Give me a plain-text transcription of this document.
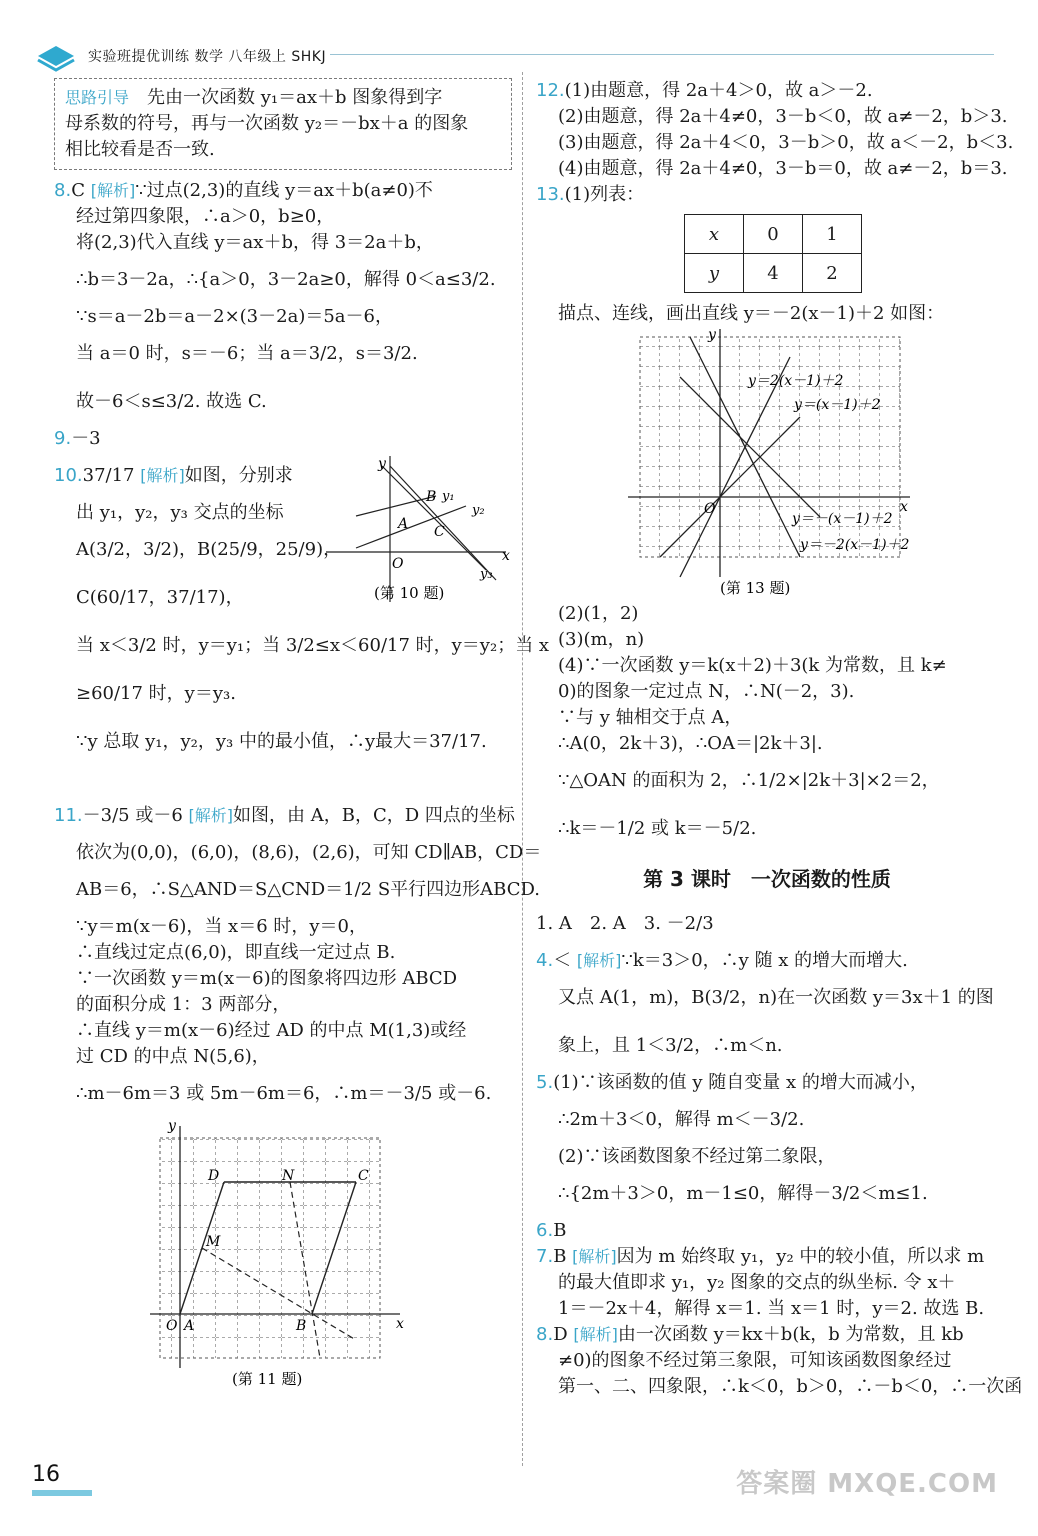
实验班提优训练 数学 八年级上 SHKJ
思路引导　 先由一次函数 y₁＝ax＋b 图象得到字
母系数的符号，再与一次函数 y₂＝－bx＋a 的图象
相比较看是否一致.
8.C [解析]∵过点(2,3)的直线 y＝ax＋b(a≠0)不
经过第四象限，∴a＞0，b≥0，
将(2,3)代入直线 y＝ax＋b，得 3＝2a＋b，
∴b＝3－2a，∴{a＞0，3－2a≥0，解得 0＜a≤3/2.
∵s＝a－2b＝a－2×(3－2a)＝5a－6，
当 a＝0 时，s＝－6；当 a＝3/2，s＝3/2.
故－6＜s≤3/2. 故选 C.
9.－3
10.37/17 [解析]如图，分别求
出 y₁，y₂，y₃ 交点的坐标
A(3/2，3/2)，B(25/9，25/9)，
C(60/17，37/17)，
当 x＜3/2 时，y＝y₁；当 3/2≤x＜60/17 时，y＝y₂；当 x
≥60/17 时，y＝y₃.
∵y 总取 y₁，y₂，y₃ 中的最小值，∴y最大＝37/17.
y
x
O
A
B
C
y₁
y₂
y₃
(第 10 题)
11.－3/5 或－6 [解析]如图，由 A，B，C，D 四点的坐标
依次为(0,0)，(6,0)，(8,6)，(2,6)，可知 CD∥AB，CD＝
AB＝6，∴S△AND＝S△CND＝1/2 S平行四边形ABCD.
∵y＝m(x－6)，当 x＝6 时，y＝0，
∴直线过定点(6,0)，即直线一定过点 B.
∵一次函数 y＝m(x－6)的图象将四边形 ABCD
的面积分成 1：3 两部分，
∴直线 y＝m(x－6)经过 AD 的中点 M(1,3)或经
过 CD 的中点 N(5,6)，
∴m－6m＝3 或 5m－6m＝6，∴m＝－3/5 或－6.
y
x
O A	B
C
D
M
N
(第 11 题)
12.(1)由题意，得 2a＋4＞0，故 a＞－2.
(2)由题意，得 2a＋4≠0，3－b＜0，故 a≠－2，b＞3.
(3)由题意，得 2a＋4＜0，3－b＞0，故 a＜－2，b＜3.
(4)由题意，得 2a＋4≠0，3－b＝0，故 a≠－2，b＝3.
13.(1)列表：
x	0	1
y	4	2
描点、连线，画出直线 y＝－2(x－1)＋2 如图：
y＝2(x－1)＋2
y＝(x－1)＋2
y＝－(x－1)＋2
y＝－2(x－1)＋2
O	x
y
(第 13 题)
(2)(1，2)
(3)(m，n)
(4)∵一次函数 y＝k(x＋2)＋3(k 为常数，且 k≠
0)的图象一定过点 N，∴N(－2，3).
∵与 y 轴相交于点 A，
∴A(0，2k＋3)，∴OA＝|2k＋3|.
∵△OAN 的面积为 2，∴1/2×|2k＋3|×2＝2，
∴k＝－1/2 或 k＝－5/2.
第 3 课时　一次函数的性质
1. A　2. A　3. －2/3
4.＜ [解析]∵k＝3＞0，∴y 随 x 的增大而增大.
又点 A(1，m)，B(3/2，n)在一次函数 y＝3x＋1 的图
象上，且 1＜3/2，∴m＜n.
5.(1)∵该函数的值 y 随自变量 x 的增大而减小，
∴2m＋3＜0，解得 m＜－3/2.
(2)∵该函数图象不经过第二象限，
∴{2m＋3＞0，m－1≤0，解得－3/2＜m≤1.
6.B
7.B [解析]因为 m 始终取 y₁，y₂ 中的较小值，所以求 m
的最大值即求 y₁，y₂ 图象的交点的纵坐标. 令 x＋
1＝－2x＋4，解得 x＝1. 当 x＝1 时，y＝2. 故选 B.
8.D [解析]由一次函数 y＝kx＋b(k，b 为常数，且 kb
≠0)的图象不经过第三象限，可知该函数图象经过
第一、二、四象限，∴k＜0，b＞0，∴－b＜0，∴一次函
16	答案圈 MXQE.COM
